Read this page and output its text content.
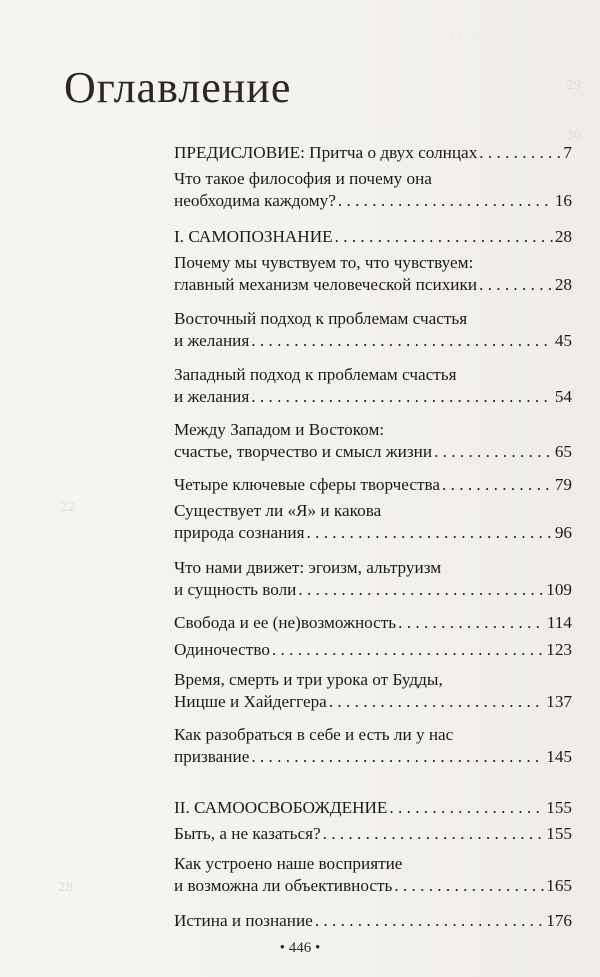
· · · · · · · · ·
29
30
22
28
Оглавление
ПРЕДИСЛОВИЕ: Притча о двух солнцах . . .	7
Что такое философия и почему она
необходима каждому? . . .	16
I. САМОПОЗНАНИЕ . . .	28
Почему мы чувствуем то, что чувствуем:
главный механизм человеческой психики . . .	28
Восточный подход к проблемам счастья
и желания . . .	45
Западный подход к проблемам счастья
и желания . . .	54
Между Западом и Востоком:
счастье, творчество и смысл жизни . . .	65
Четыре ключевые сферы творчества . . .	79
Существует ли «Я» и какова
природа сознания . . .	96
Что нами движет: эгоизм, альтруизм
и сущность воли . . .	109
Свобода и ее (не)возможность . . .	114
Одиночество . . .	123
Время, смерть и три урока от Будды,
Ницше и Хайдеггера . . .	137
Как разобраться в себе и есть ли у нас
призвание . . .	145
II. САМООСВОБОЖДЕНИЕ . . .	155
Быть, а не казаться? . . .	155
Как устроено наше восприятие
и возможна ли объективность . . .	165
Истина и познание . . .	176
• 446 •
